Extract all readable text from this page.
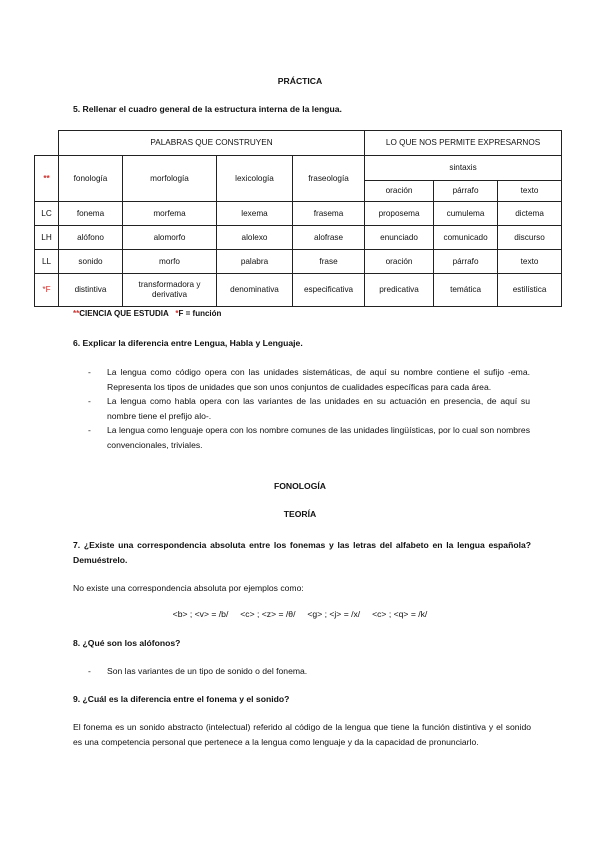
PRÁCTICA
5. Rellenar el cuadro general de la estructura interna de la lengua.
	PALABRAS QUE CONSTRUYEN				LO QUE NOS PERMITE EXPRESARNOS		
**	fonología	morfología	lexicología	fraseología	sintaxis		
					oración	párrafo	texto
LC	fonema	morfema	lexema	frasema	proposema	cumulema	dictema
LH	alófono	alomorfo	alolexo	alofrase	enunciado	comunicado	discurso
LL	sonido	morfo	palabra	frase	oración	párrafo	texto
*F	distintiva	transformadora y derivativa	denominativa	especificativa	predicativa	temática	estilística
**CIENCIA QUE ESTUDIA *F = función
6. Explicar la diferencia entre Lengua, Habla y Lenguaje.
- La lengua como código opera con las unidades sistemáticas, de aquí su nombre contiene el sufijo -ema. Representa los tipos de unidades que son unos conjuntos de cualidades específicas para cada área.
- La lengua como habla opera con las variantes de las unidades en su actuación en presencia, de aquí su nombre tiene el prefijo alo-.
- La lengua como lenguaje opera con los nombre comunes de las unidades lingüísticas, por lo cual son nombres convencionales, triviales.
FONOLOGÍA
TEORÍA
7. ¿Existe una correspondencia absoluta entre los fonemas y las letras del alfabeto en la lengua española? Demuéstrelo.
No existe una correspondencia absoluta por ejemplos como:
<b> ; <v> = /b/     <c> ; <z> = /θ/     <g> ; <j> = /x/     <c> ; <q> = /k/
8. ¿Qué son los alófonos?
- Son las variantes de un tipo de sonido o del fonema.
9. ¿Cuál es la diferencia entre el fonema y el sonido?
El fonema es un sonido abstracto (intelectual) referido al código de la lengua que tiene la función distintiva y el sonido es una competencia personal que pertenece a la lengua como lenguaje y da la capacidad de pronunciarlo.
